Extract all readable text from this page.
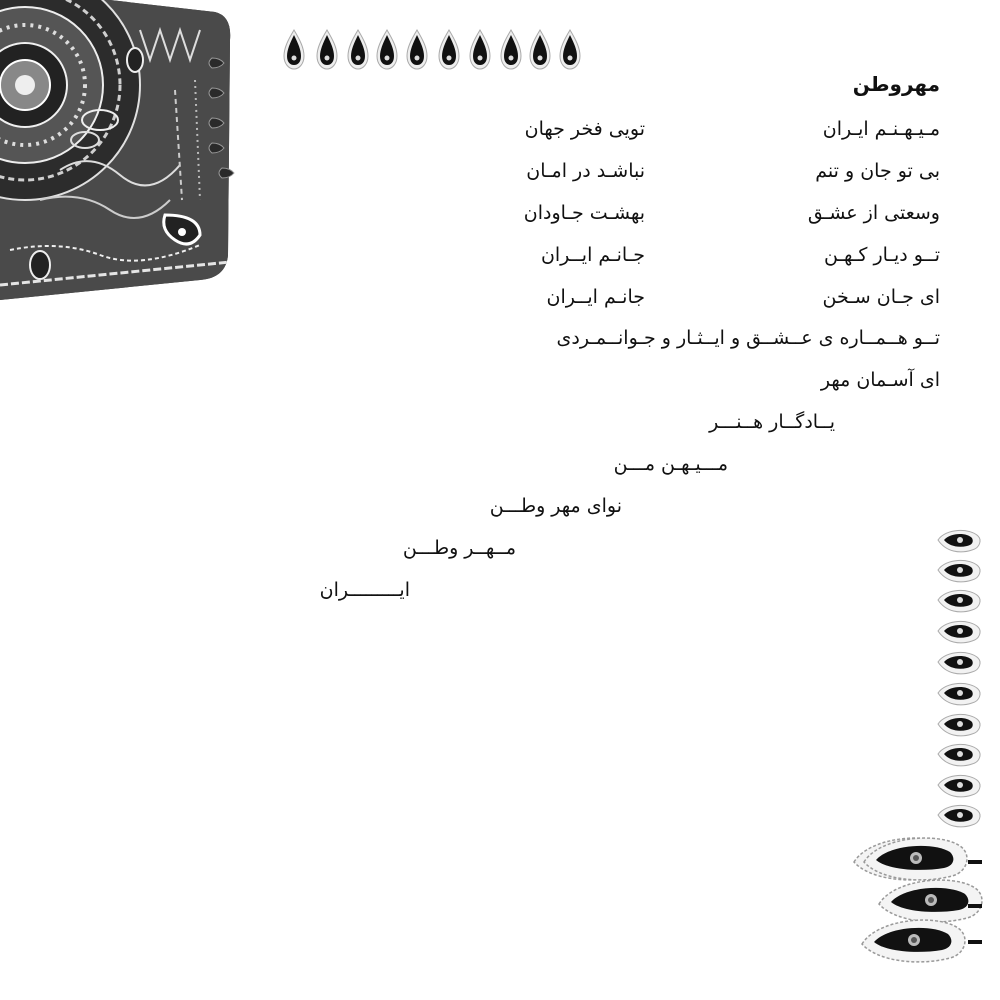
مهروطن
مـیـهـنـم ایـران
تویی فخر جهان
بی تو جان و تنم
نباشـد در امـان
وسعتی از عشـق
بهشـت جـاودان
تــو دیـار کـهـن
جـانـم ایــران
ای جـان سـخن
جانـم ایــران
تــو هــمــاره ی عــشــق و ایــثـار و جـوانــمـردی
ای آسـمان مهر
یــادگــار هــنـــر
مـــیـهـن مـــن
نوای مهر وطـــن
مــهــر وطـــن
ایـــــــــران
